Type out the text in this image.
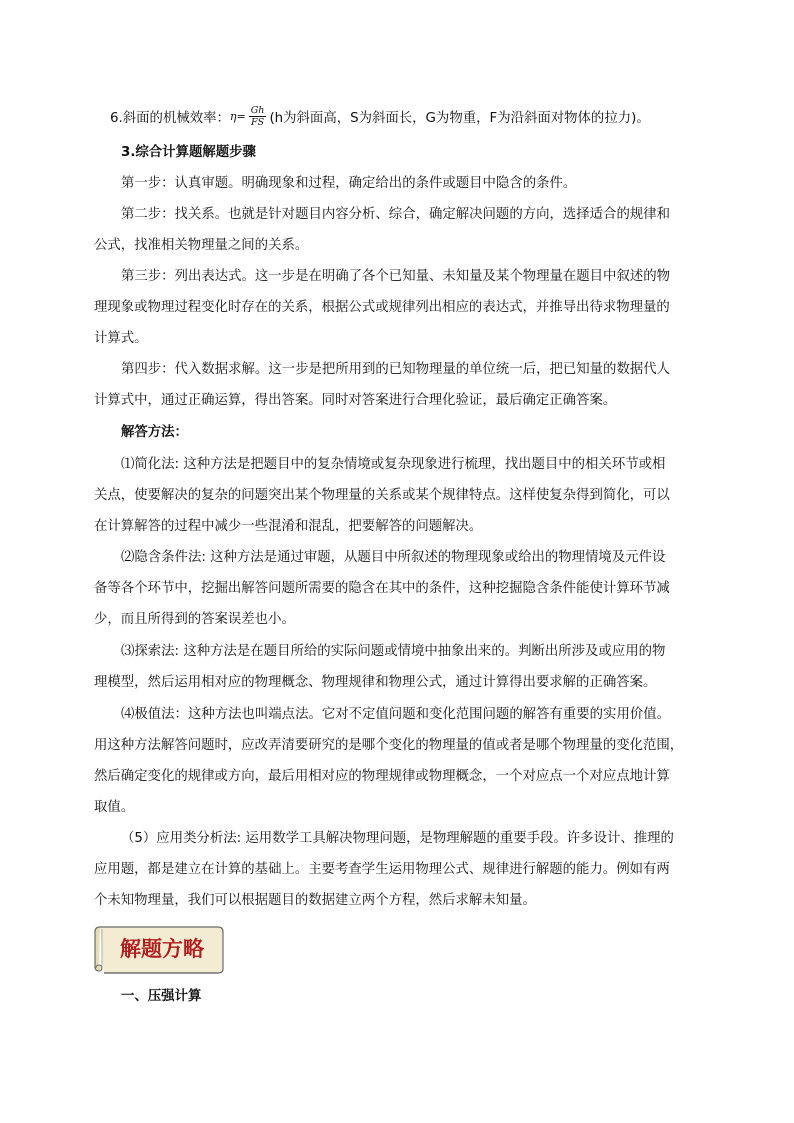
6.斜面的机械效率： $\eta= \frac{Gh}{FS} (h$为斜面高，S为斜面长，G为物重，F为沿斜面对物体的拉力)。
3.综合计算题解题步骤
第一步：认真审题。明确现象和过程，确定给出的条件或题目中隐含的条件。
第二步：找关系。也就是针对题目内容分析、综合，确定解决问题的方向，选择适合的规律和
公式，找准相关物理量之间的关系。
第三步：列出表达式。这一步是在明确了各个已知量、未知量及某个物理量在题目中叙述的物
理现象或物理过程变化时存在的关系，根据公式或规律列出相应的表达式，并推导出待求物理量的
计算式。
第四步：代入数据求解。这一步是把所用到的已知物理量的单位统一后，把已知量的数据代人
计算式中，通过正确运算，得出答案。同时对答案进行合理化验证，最后确定正确答案。
解答方法：
⑴简化法: 这种方法是把题目中的复杂情境或复杂现象进行梳理，找出题目中的相关环节或相
关点，使要解决的复杂的问题突出某个物理量的关系或某个规律特点。这样使复杂得到简化，可以
在计算解答的过程中减少一些混淆和混乱，把要解答的问题解决。
⑵隐含条件法: 这种方法是通过审题，从题目中所叙述的物理现象或给出的物理情境及元件设
备等各个环节中，挖掘出解答问题所需要的隐含在其中的条件，这种挖掘隐含条件能使计算环节减
少，而且所得到的答案误差也小。
⑶探索法: 这种方法是在题目所给的实际问题或情境中抽象出来的。判断出所涉及或应用的物
理模型，然后运用相对应的物理概念、物理规律和物理公式，通过计算得出要求解的正确答案。
⑷极值法：这种方法也叫端点法。它对不定值问题和变化范围问题的解答有重要的实用价值。
用这种方法解答问题时，应改弄清要研究的是哪个变化的物理量的值或者是哪个物理量的变化范围，
然后确定变化的规律或方向，最后用相对应的物理规律或物理概念，一个对应点一个对应点地计算
取值。
（5）应用类分析法: 运用数学工具解决物理问题，是物理解题的重要手段。许多设计、推理的
应用题，都是建立在计算的基础上。主要考查学生运用物理公式、规律进行解题的能力。例如有两
个未知物理量，我们可以根据题目的数据建立两个方程，然后求解未知量。
解题方略
一、压强计算
